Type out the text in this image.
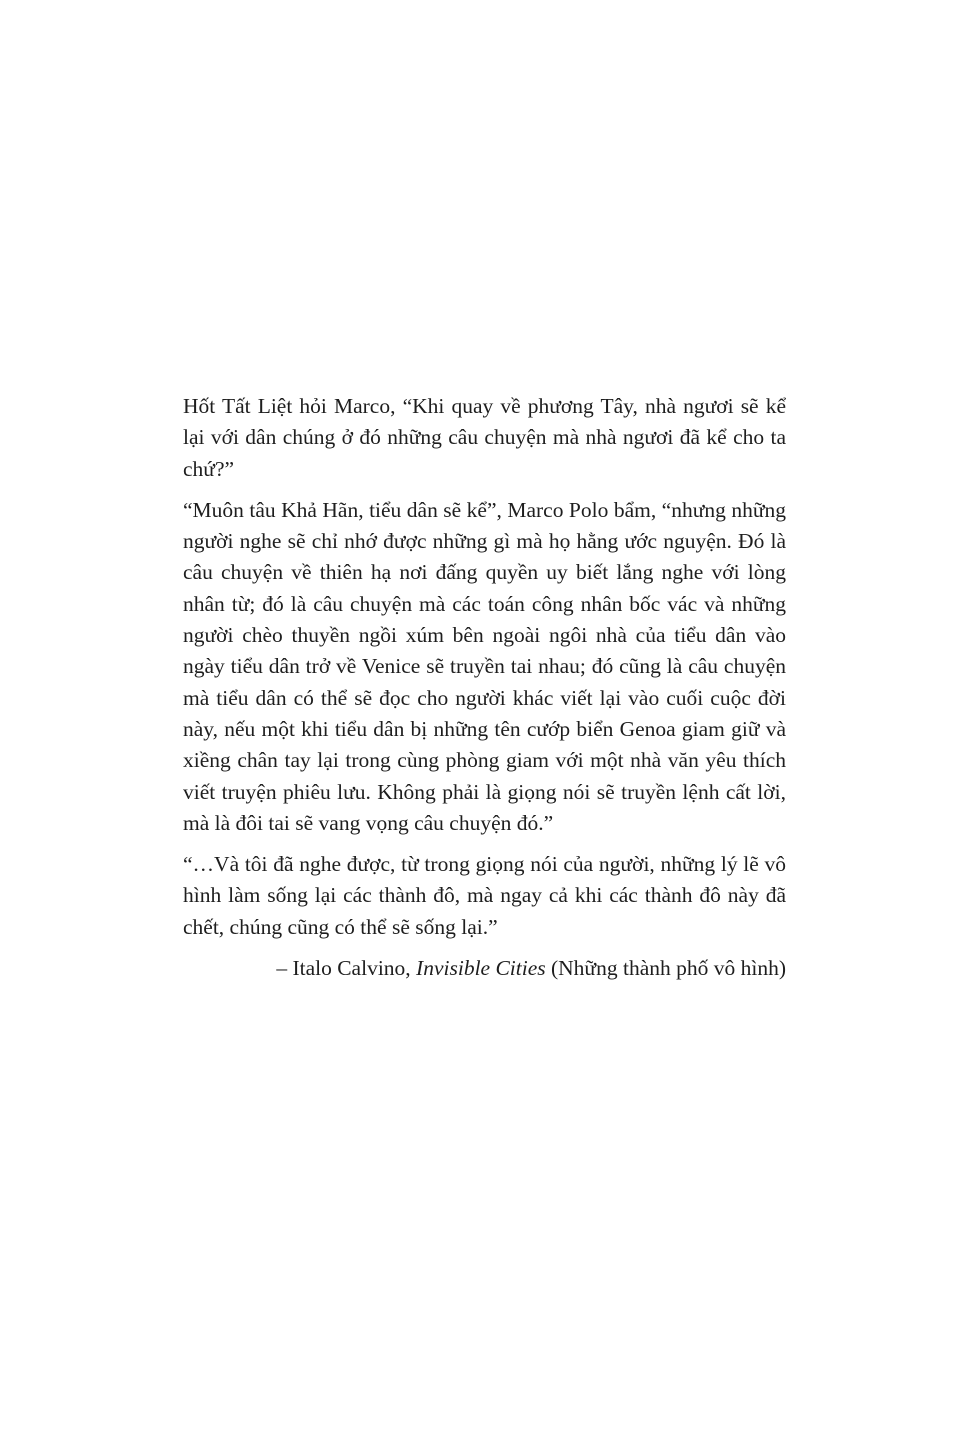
Hốt Tất Liệt hỏi Marco, “Khi quay về phương Tây, nhà ngươi sẽ kể lại với dân chúng ở đó những câu chuyện mà nhà ngươi đã kể cho ta chứ?”

“Muôn tâu Khả Hãn, tiểu dân sẽ kể”, Marco Polo bẩm, “nhưng những người nghe sẽ chỉ nhớ được những gì mà họ hằng ước nguyện. Đó là câu chuyện về thiên hạ nơi đấng quyền uy biết lắng nghe với lòng nhân từ; đó là câu chuyện mà các toán công nhân bốc vác và những người chèo thuyền ngồi xúm bên ngoài ngôi nhà của tiểu dân vào ngày tiểu dân trở về Venice sẽ truyền tai nhau; đó cũng là câu chuyện mà tiểu dân có thể sẽ đọc cho người khác viết lại vào cuối cuộc đời này, nếu một khi tiểu dân bị những tên cướp biển Genoa giam giữ và xiềng chân tay lại trong cùng phòng giam với một nhà văn yêu thích viết truyện phiêu lưu. Không phải là giọng nói sẽ truyền lệnh cất lời, mà là đôi tai sẽ vang vọng câu chuyện đó.”

“…Và tôi đã nghe được, từ trong giọng nói của người, những lý lẽ vô hình làm sống lại các thành đô, mà ngay cả khi các thành đô này đã chết, chúng cũng có thể sẽ sống lại.”

– Italo Calvino, Invisible Cities (Những thành phố vô hình)
